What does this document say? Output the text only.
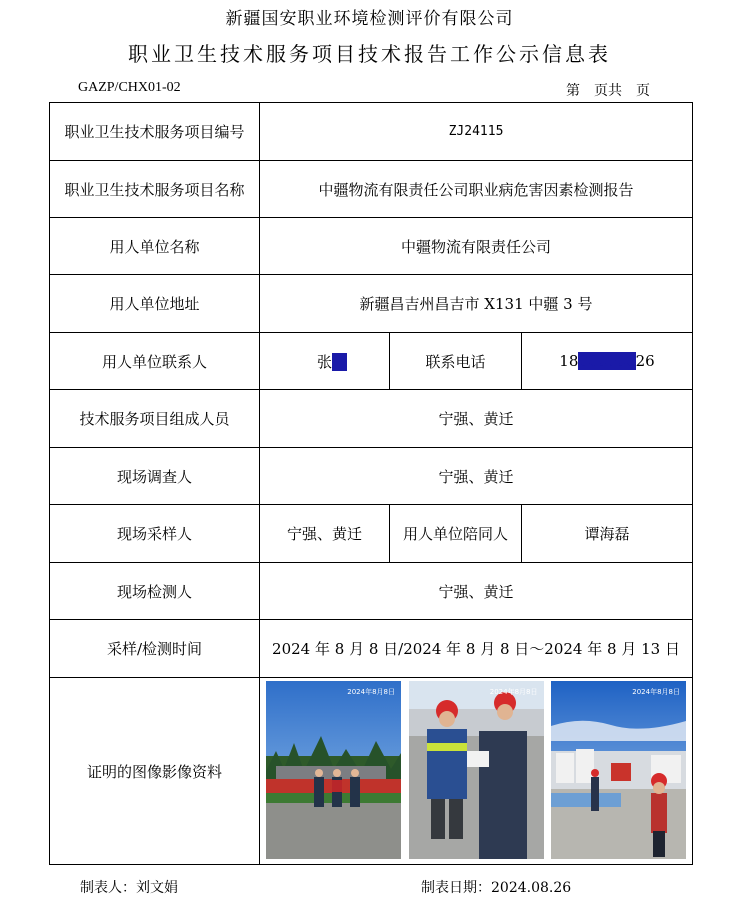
新疆国安职业环境检测评价有限公司
职业卫生技术服务项目技术报告工作公示信息表
GAZP/CHX01-02	第　页共　页
职业卫生技术服务项目编号	ZJ24115		
职业卫生技术服务项目名称	中疆物流有限责任公司职业病危害因素检测报告		
用人单位名称	中疆物流有限责任公司		
用人单位地址	新疆昌吉州昌吉市 X131 中疆 3 号		
用人单位联系人	张　	联系电话	1800000026
技术服务项目组成人员	宁强、黄迁		
现场调查人	宁强、黄迁		
现场采样人	宁强、黄迁	用人单位陪同人	谭海磊
现场检测人	宁强、黄迁		
采样/检测时间	2024 年 8 月 8 日/2024 年 8 月 8 日～2024 年 8 月 13 日		
证明的图像影像资料	2024年8月8日 2024年8月8日 2024年8月8日		
制表人：刘文娟	制表日期：2024.08.26
